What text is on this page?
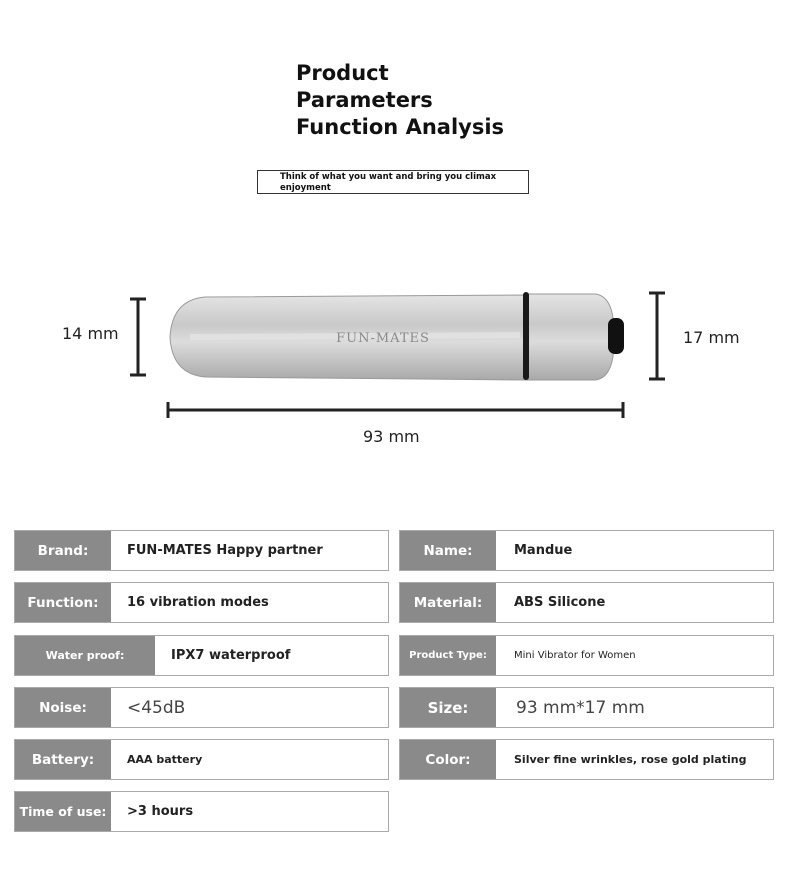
Product
Parameters
Function Analysis
Think of what you want and bring you climax enjoyment
FUN-MATES
14 mm	17 mm
93 mm
Brand:	FUN-MATES Happy partner
Function:	16 vibration modes
Water proof:	IPX7 waterproof
Noise:	<45dB
Battery:	AAA battery
Time of use:	>3 hours
Name:	Mandue
Material:	ABS Silicone
Product Type:	Mini Vibrator for Women
Size:	93 mm*17 mm
Color:	Silver fine wrinkles, rose gold plating
